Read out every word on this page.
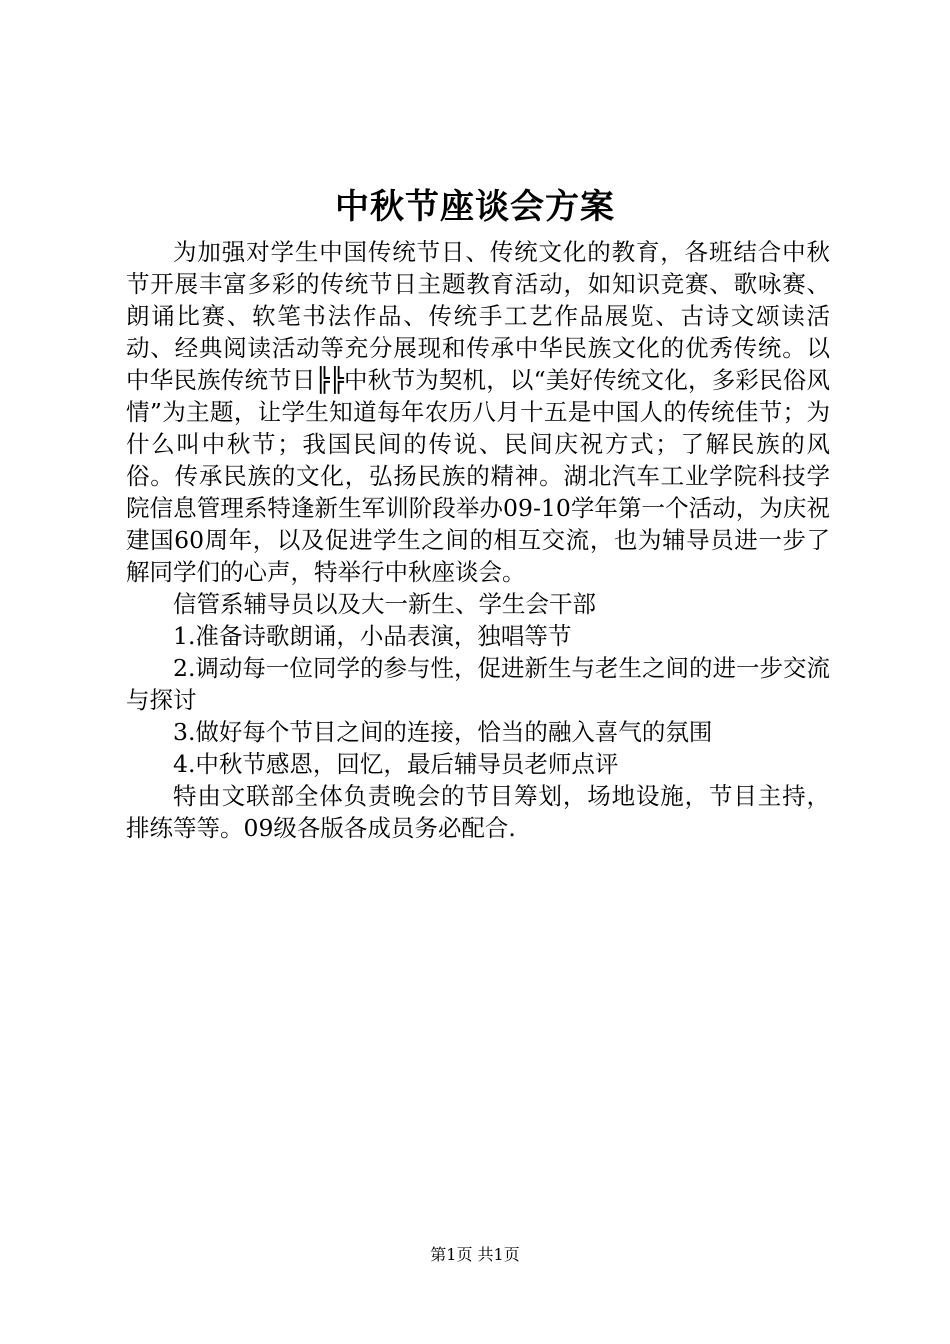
中秋节座谈会方案

为加强对学生中国传统节日、传统文化的教育，各班结合中秋节开展丰富多彩的传统节日主题教育活动，如知识竞赛、歌咏赛、朗诵比赛、软笔书法作品、传统手工艺作品展览、古诗文颂读活动、经典阅读活动等充分展现和传承中华民族文化的优秀传统。以中华民族传统节日╠╠中秋节为契机，以“美好传统文化，多彩民俗风情”为主题，让学生知道每年农历八月十五是中国人的传统佳节；为什么叫中秋节；我国民间的传说、民间庆祝方式；了解民族的风俗。传承民族的文化，弘扬民族的精神。湖北汽车工业学院科技学院信息管理系特逢新生军训阶段举办09-10学年第一个活动，为庆祝建国60周年，以及促进学生之间的相互交流，也为辅导员进一步了解同学们的心声，特举行中秋座谈会。

信管系辅导员以及大一新生、学生会干部

1.准备诗歌朗诵，小品表演，独唱等节

2.调动每一位同学的参与性，促进新生与老生之间的进一步交流与探讨

3.做好每个节目之间的连接，恰当的融入喜气的氛围

4.中秋节感恩，回忆，最后辅导员老师点评

特由文联部全体负责晚会的节目筹划，场地设施，节目主持，排练等等。09级各版各成员务必配合.

第1页 共1页
